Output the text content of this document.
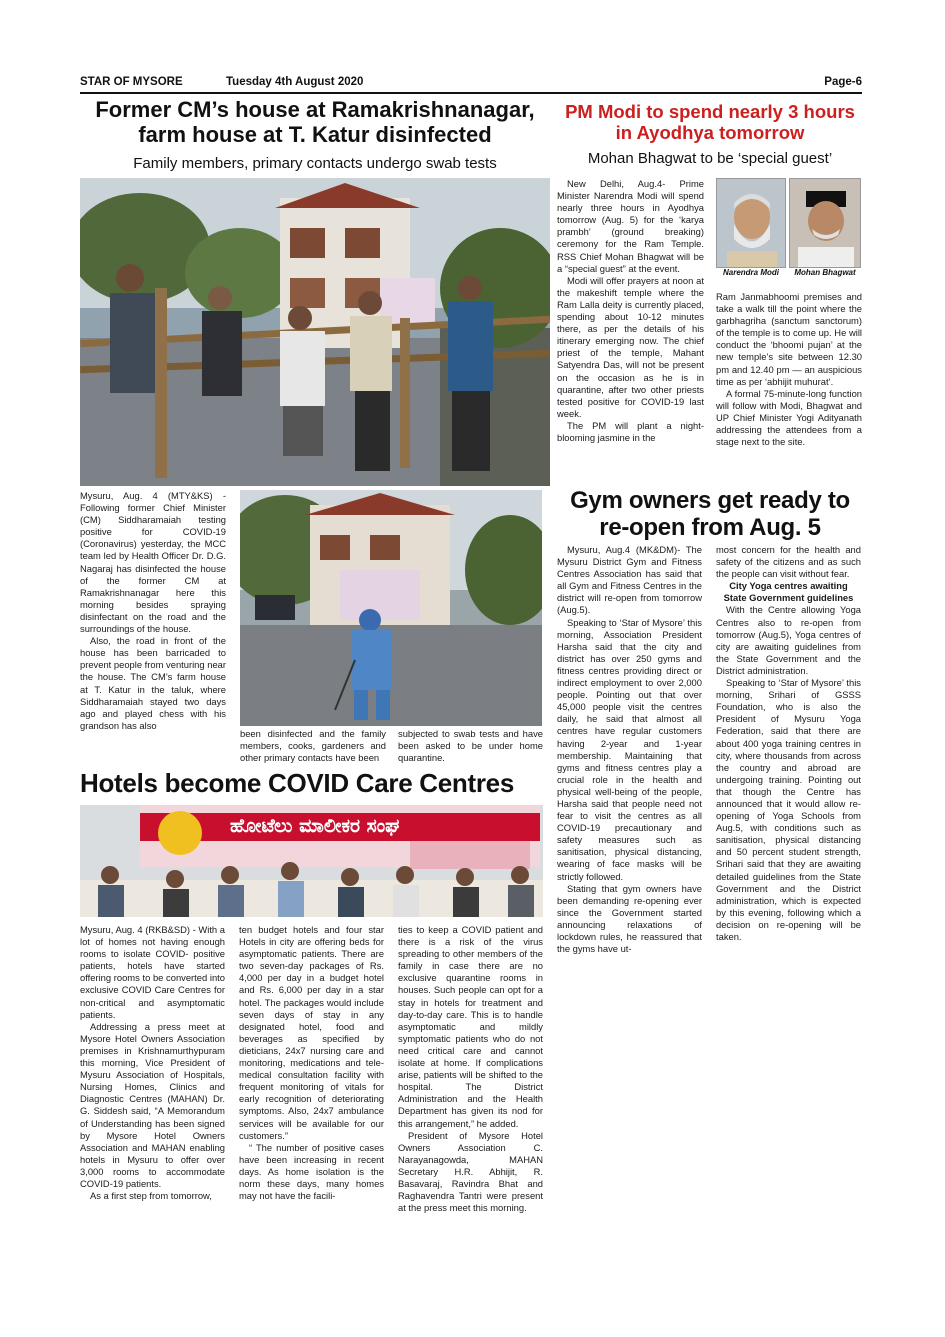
STAR OF MYSORE	Tuesday 4th August 2020	Page-6
Former CM’s house at Ramakrishnanagar,
farm house at T. Katur disinfected
Family members, primary contacts undergo swab tests

Mysuru, Aug. 4 (MTY&KS) - Following former Chief Minister (CM) Siddharamaiah testing positive for COVID-19 (Coronavirus) yesterday, the MCC team led by Health Officer Dr. D.G. Nagaraj has disinfected the house of the former CM at Ramakrishnanagar here this morning besides spraying disinfectant on the road and the surroundings of the house.

Also, the road in front of the house has been barricaded to prevent people from venturing near the house. The CM’s farm house at T. Katur in the taluk, where Siddharamaiah stayed two days ago and played chess with his grandson has also

been disinfected and the family members, cooks, gardeners and other primary contacts have been

subjected to swab tests and have been asked to be under home quarantine.

Hotels become COVID Care Centres
ಹೋಟೆಲು ಮಾಲೀಕರ ಸಂಘ

Mysuru, Aug. 4 (RKB&SD) - With a lot of homes not having enough rooms to isolate COVID- positive patients, hotels have started offering rooms to be converted into exclusive COVID Care Centres for non-critical and asymptomatic patients.

Addressing a press meet at Mysore Hotel Owners Association premises in Krishnamurthypuram this morning, Vice President of Mysuru Association of Hospitals, Nursing Homes, Clinics and Diagnostic Centres (MAHAN) Dr. G. Siddesh said, “A Memorandum of Understanding has been signed by Mysore Hotel Owners Association and MAHAN enabling hotels in Mysuru to offer over 3,000 rooms to accommodate COVID-19 patients.

As a first step from tomorrow,

ten budget hotels and four star Hotels in city are offering beds for asymptomatic patients. There are two seven-day packages of Rs. 4,000 per day in a budget hotel and Rs. 6,000 per day in a star hotel. The packages would include seven days of stay in any designated hotel, food and beverages as specified by dieticians, 24x7 nursing care and monitoring, medications and tele-medical consultation facility with frequent monitoring of vitals for early recognition of deteriorating symptoms. Also, 24x7 ambulance services will be available for our customers.”

“ The number of positive cases have been increasing in recent days. As home isolation is the norm these days, many homes may not have the facili-

ties to keep a COVID patient and there is a risk of the virus spreading to other members of the family in case there are no exclusive quarantine rooms in houses. Such people can opt for a stay in hotels for treatment and day-to-day care. This is to handle asymptomatic and mildly symptomatic patients who do not need critical care and cannot isolate at home. If complications arise, patients will be shifted to the hospital. The District Administration and the Health Department has given its nod for this arrangement,” he added.

President of Mysore Hotel Owners Association C. Narayanagowda, MAHAN Secretary H.R. Abhijit, R. Basavaraj, Ravindra Bhat and Raghavendra Tantri were present at the press meet this morning.

PM Modi to spend nearly 3 hours
in Ayodhya tomorrow
Mohan Bhagwat to be ‘special guest’

New Delhi, Aug.4- Prime Minister Narendra Modi will spend nearly three hours in Ayodhya tomorrow (Aug. 5) for the ‘karya prambh’ (ground breaking) ceremony for the Ram Temple. RSS Chief Mohan Bhagwat will be a “special guest” at the event.

Modi will offer prayers at noon at the makeshift temple where the Ram Lalla deity is currently placed, spending about 10-12 minutes there, as per the details of his itinerary emerging now. The chief priest of the temple, Mahant Satyendra Das, will not be present on the occasion as he is in quarantine, after two other priests tested positive for COVID-19 last week.

The PM will plant a night-blooming jasmine in the

Narendra Modi	Mohan Bhagwat

Ram Janmabhoomi premises and take a walk till the point where the garbhagriha (sanctum sanctorum) of the temple is to come up. He will conduct the ‘bhoomi pujan’ at the new temple’s site between 12.30 pm and 12.40 pm — an auspicious time as per ‘abhijit muhurat’.

A formal 75-minute-long function will follow with Modi, Bhagwat and UP Chief Minister Yogi Adityanath addressing the attendees from a stage next to the site.

Gym owners get ready to
re-open from Aug. 5

Mysuru, Aug.4 (MK&DM)- The Mysuru District Gym and Fitness Centres Association has said that all Gym and Fitness Centres in the district will re-open from tomorrow (Aug.5).

Speaking to ‘Star of Mysore’ this morning, Association President Harsha said that the city and district has over 250 gyms and fitness centres providing direct or indirect employment to over 2,000 people. Pointing out that over 45,000 people visit the centres daily, he said that almost all centres have regular customers having 2-year and 1-year membership. Maintaining that gyms and fitness centres play a crucial role in the health and physical well-being of the people, Harsha said that people need not fear to visit the centres as all COVID-19 precautionary and safety measures such as sanitisation, physical distancing, wearing of face masks will be strictly followed.

Stating that gym owners have been demanding re-opening ever since the Government started announcing relaxations of lockdown rules, he reassured that the gyms have ut-

most concern for the health and safety of the citizens and as such the people can visit without fear.

City Yoga centres awaiting

State Government guidelines

With the Centre allowing Yoga Centres also to re-open from tomorrow (Aug.5), Yoga centres of city are awaiting guidelines from the State Government and the District administration.

Speaking to ‘Star of Mysore’ this morning, Srihari of GSSS Foundation, who is also the President of Mysuru Yoga Federation, said that there are about 400 yoga training centres in city, where thousands from across the country and abroad are undergoing training. Pointing out that though the Centre has announced that it would allow re-opening of Yoga Schools from Aug.5, with conditions such as sanitisation, physical distancing and 50 percent student strength, Srihari said that they are awaiting detailed guidelines from the State Government and the District administration, which is expected by this evening, following which a decision on re-opening will be taken.
